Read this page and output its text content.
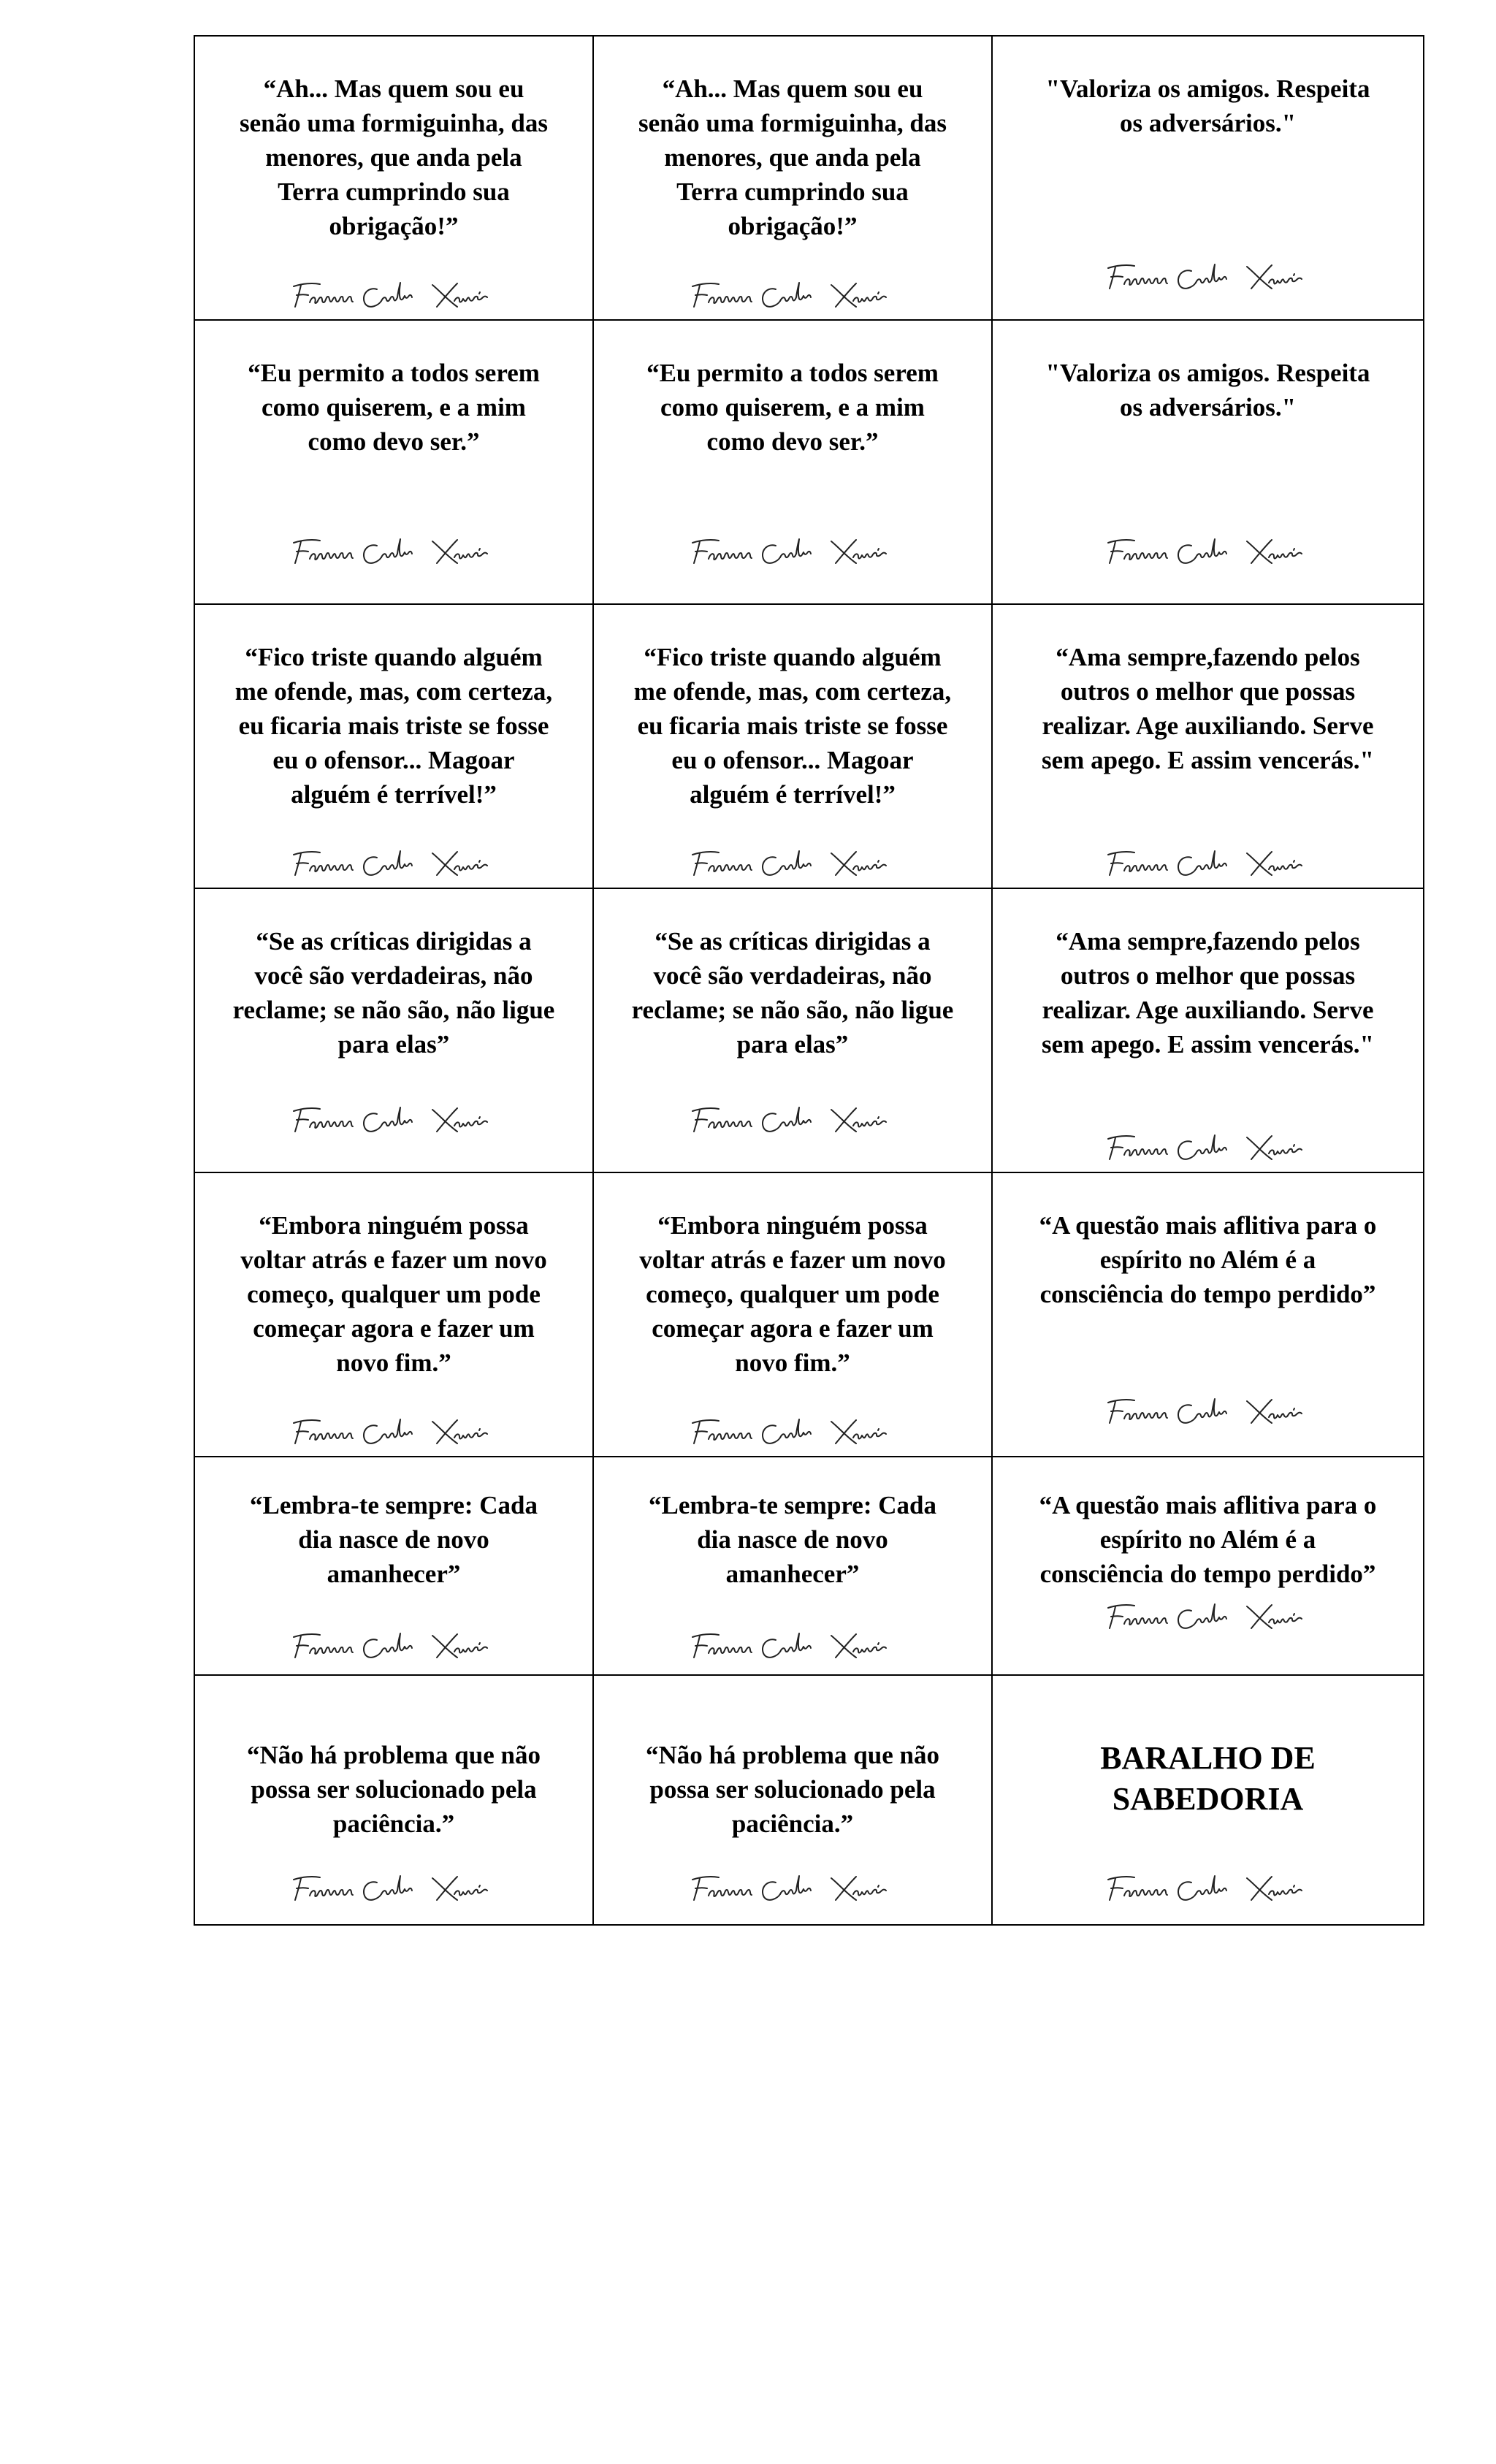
“Ah... Mas quem sou eu
senão uma formiguinha, das
menores, que anda pela
Terra cumprindo sua
obrigação!”	“Ah... Mas quem sou eu
senão uma formiguinha, das
menores, que anda pela
Terra cumprindo sua
obrigação!”	"Valoriza os amigos. Respeita
os adversários."

“Eu permito a todos serem
como quiserem, e a mim
como devo ser.”	“Eu permito a todos serem
como quiserem, e a mim
como devo ser.”	"Valoriza os amigos. Respeita
os adversários."

“Fico triste quando alguém
me ofende, mas, com certeza,
eu ficaria mais triste se fosse
eu o ofensor... Magoar
alguém é terrível!”	“Fico triste quando alguém
me ofende, mas, com certeza,
eu ficaria mais triste se fosse
eu o ofensor... Magoar
alguém é terrível!”	“Ama sempre,fazendo pelos
outros o melhor que possas
realizar. Age auxiliando. Serve
sem apego. E assim vencerás."

“Se as críticas dirigidas a
você são verdadeiras, não
reclame; se não são, não ligue
para elas”	“Se as críticas dirigidas a
você são verdadeiras, não
reclame; se não são, não ligue
para elas”	“Ama sempre,fazendo pelos
outros o melhor que possas
realizar. Age auxiliando. Serve
sem apego. E assim vencerás."

“Embora ninguém possa
voltar atrás e fazer um novo
começo, qualquer um pode
começar agora e fazer um
novo fim.”	“Embora ninguém possa
voltar atrás e fazer um novo
começo, qualquer um pode
começar agora e fazer um
novo fim.”	“A questão mais aflitiva para o
espírito no Além é a
consciência do tempo perdido”

“Lembra-te sempre: Cada
dia nasce de novo
amanhecer”	“Lembra-te sempre: Cada
dia nasce de novo
amanhecer”	“A questão mais aflitiva para o
espírito no Além é a
consciência do tempo perdido”

“Não há problema que não
possa ser solucionado pela
paciência.”	“Não há problema que não
possa ser solucionado pela
paciência.”	BARALHO DE
SABEDORIA
